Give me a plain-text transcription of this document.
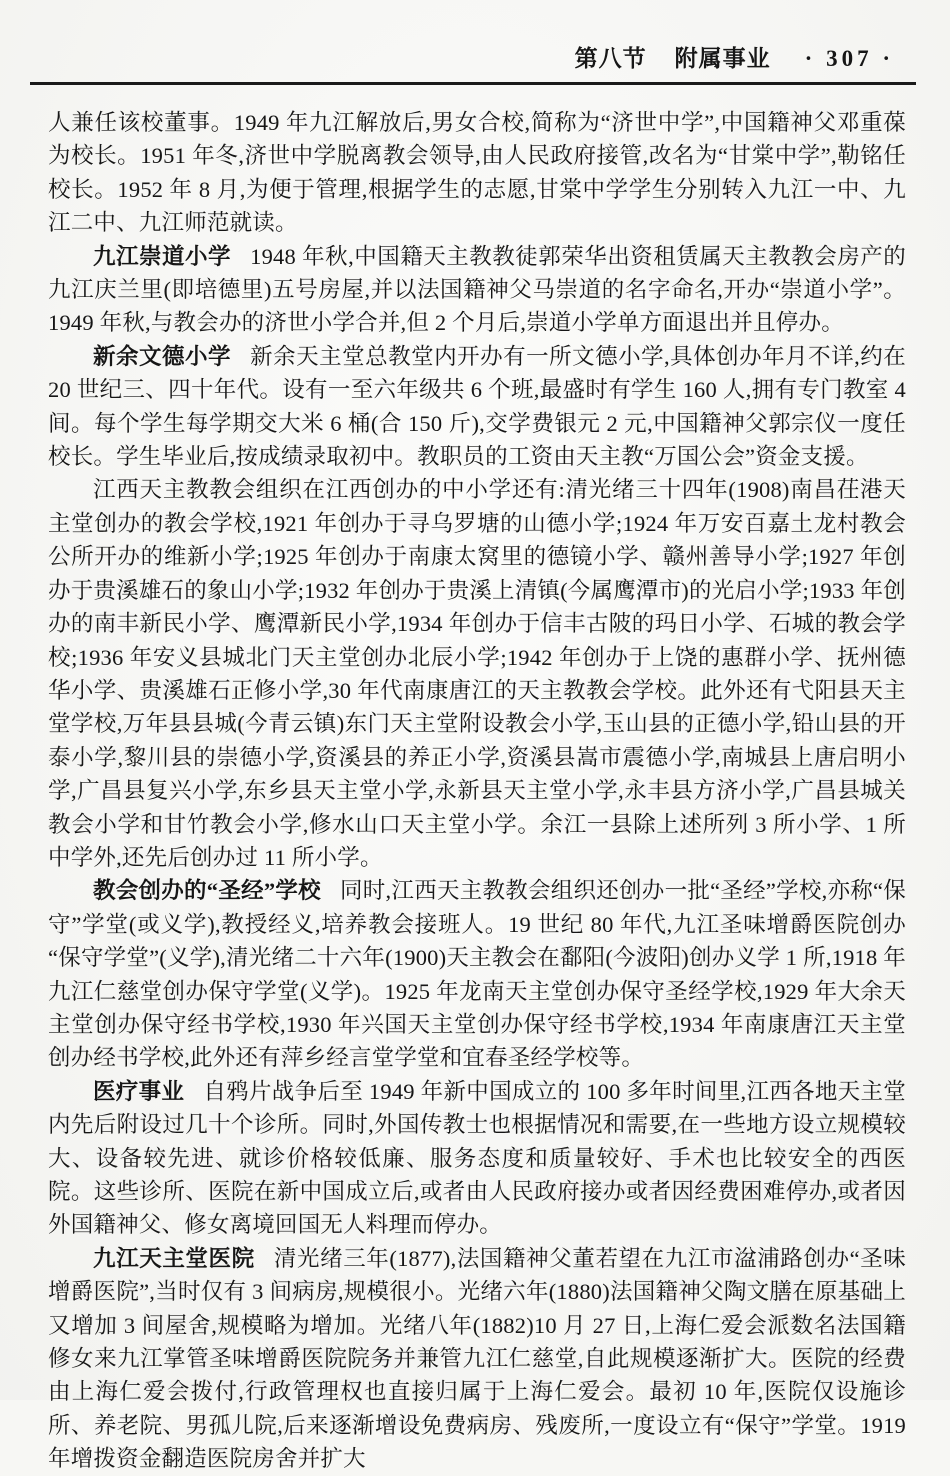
第八节 附属事业 · 307 ·

人兼任该校董事。1949 年九江解放后,男女合校,简称为“济世中学”,中国籍神父邓重葆为校长。1951 年冬,济世中学脱离教会领导,由人民政府接管,改名为“甘棠中学”,勒铭任校长。1952 年 8 月,为便于管理,根据学生的志愿,甘棠中学学生分别转入九江一中、九江二中、九江师范就读。

九江崇道小学 1948 年秋,中国籍天主教教徒郭荣华出资租赁属天主教教会房产的九江庆兰里(即培德里)五号房屋,并以法国籍神父马崇道的名字命名,开办“崇道小学”。1949 年秋,与教会办的济世小学合并,但 2 个月后,崇道小学单方面退出并且停办。

新余文德小学 新余天主堂总教堂内开办有一所文德小学,具体创办年月不详,约在 20 世纪三、四十年代。设有一至六年级共 6 个班,最盛时有学生 160 人,拥有专门教室 4 间。每个学生每学期交大米 6 桶(合 150 斤),交学费银元 2 元,中国籍神父郭宗仪一度任校长。学生毕业后,按成绩录取初中。教职员的工资由天主教“万国公会”资金支援。

江西天主教教会组织在江西创办的中小学还有:清光绪三十四年(1908)南昌茌港天主堂创办的教会学校,1921 年创办于寻乌罗塘的山德小学;1924 年万安百嘉土龙村教会公所开办的维新小学;1925 年创办于南康太窝里的德镜小学、赣州善导小学;1927 年创办于贵溪雄石的象山小学;1932 年创办于贵溪上清镇(今属鹰潭市)的光启小学;1933 年创办的南丰新民小学、鹰潭新民小学,1934 年创办于信丰古陂的玛日小学、石城的教会学校;1936 年安义县城北门天主堂创办北辰小学;1942 年创办于上饶的惠群小学、抚州德华小学、贵溪雄石正修小学,30 年代南康唐江的天主教教会学校。此外还有弋阳县天主堂学校,万年县县城(今青云镇)东门天主堂附设教会小学,玉山县的正德小学,铅山县的开泰小学,黎川县的崇德小学,资溪县的养正小学,资溪县嵩市震德小学,南城县上唐启明小学,广昌县复兴小学,东乡县天主堂小学,永新县天主堂小学,永丰县方济小学,广昌县城关教会小学和甘竹教会小学,修水山口天主堂小学。余江一县除上述所列 3 所小学、1 所中学外,还先后创办过 11 所小学。

教会创办的“圣经”学校 同时,江西天主教教会组织还创办一批“圣经”学校,亦称“保守”学堂(或义学),教授经义,培养教会接班人。19 世纪 80 年代,九江圣味增爵医院创办“保守学堂”(义学),清光绪二十六年(1900)天主教会在鄱阳(今波阳)创办义学 1 所,1918 年九江仁慈堂创办保守学堂(义学)。1925 年龙南天主堂创办保守圣经学校,1929 年大余天主堂创办保守经书学校,1930 年兴国天主堂创办保守经书学校,1934 年南康唐江天主堂创办经书学校,此外还有萍乡经言堂学堂和宜春圣经学校等。

医疗事业 自鸦片战争后至 1949 年新中国成立的 100 多年时间里,江西各地天主堂内先后附设过几十个诊所。同时,外国传教士也根据情况和需要,在一些地方设立规模较大、设备较先进、就诊价格较低廉、服务态度和质量较好、手术也比较安全的西医院。这些诊所、医院在新中国成立后,或者由人民政府接办或者因经费困难停办,或者因外国籍神父、修女离境回国无人料理而停办。

九江天主堂医院 清光绪三年(1877),法国籍神父董若望在九江市湓浦路创办“圣味增爵医院”,当时仅有 3 间病房,规模很小。光绪六年(1880)法国籍神父陶文膳在原基础上又增加 3 间屋舍,规模略为增加。光绪八年(1882)10 月 27 日,上海仁爱会派数名法国籍修女来九江掌管圣味增爵医院院务并兼管九江仁慈堂,自此规模逐渐扩大。医院的经费由上海仁爱会拨付,行政管理权也直接归属于上海仁爱会。最初 10 年,医院仅设施诊所、养老院、男孤儿院,后来逐渐增设免费病房、残废所,一度设立有“保守”学堂。1919 年增拨资金翻造医院房舍并扩大
